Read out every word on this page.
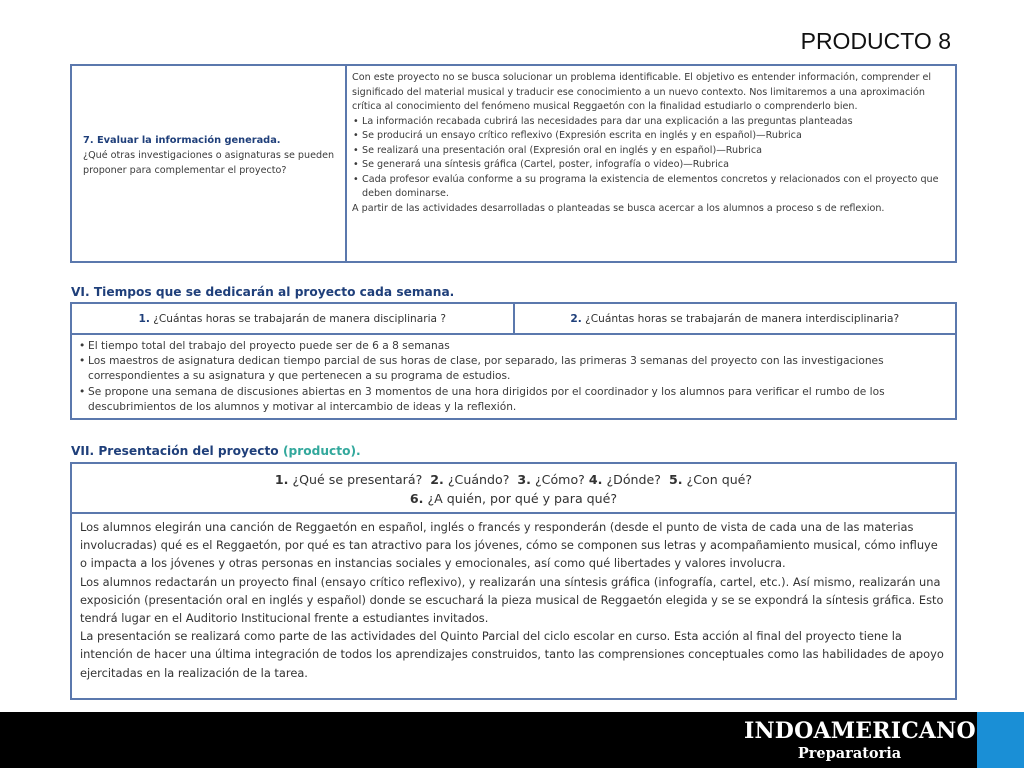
PRODUCTO 8
7. Evaluar la información generada.
¿Qué otras investigaciones o asignaturas se pueden proponer para complementar el proyecto?

Con este proyecto no se busca solucionar un problema identificable. El objetivo es entender información, comprender el significado del material musical y traducir ese conocimiento a un nuevo contexto. Nos limitaremos a una aproximación crítica al conocimiento del fenómeno musical Reggaetón con la finalidad estudiarlo o comprenderlo bien.

• La información recabada cubrirá las necesidades para dar una explicación a las preguntas planteadas
• Se producirá un ensayo crítico reflexivo (Expresión escrita en inglés y en español)—Rubrica
• Se realizará una presentación oral (Expresión oral en inglés y en español)—Rubrica
• Se generará una síntesis gráfica (Cartel, poster, infografía o video)—Rubrica
• Cada profesor evalúa conforme a su programa la existencia de elementos concretos y relacionados con el proyecto que deben dominarse.

A partir de las actividades desarrolladas o planteadas se busca acercar a los alumnos a proceso s de reflexion.

VI. Tiempos que se dedicarán al proyecto cada semana.
1.
¿Cuántas horas se trabajarán de manera disciplinaria ?	2.
¿Cuántas horas se trabajarán de manera interdisciplinaria?
• El tiempo total del trabajo del proyecto puede ser de 6 a 8 semanas
• Los maestros de asignatura dedican tiempo parcial de sus horas de clase, por separado, las primeras 3 semanas del proyecto con las investigaciones correspondientes a su asignatura y que pertenecen a su programa de estudios.
• Se propone una semana de discusiones abiertas en 3 momentos de una hora dirigidos por el coordinador y los alumnos para verificar el rumbo de los descubrimientos de los alumnos y motivar al intercambio de ideas y la reflexión.
VII. Presentación del proyecto (producto).
1. ¿Qué se presentará? 2. ¿Cuándo? 3. ¿Cómo? 4. ¿Dónde? 5. ¿Con qué?
6. ¿A quién, por qué y para qué?

Los alumnos elegirán una canción de Reggaetón en español, inglés o francés y responderán (desde el punto de vista de cada una de las materias involucradas) qué es el Reggaetón, por qué es tan atractivo para los jóvenes, cómo se componen sus letras y acompañamiento musical, cómo influye o impacta a los jóvenes y otras personas en instancias sociales y emocionales, así como qué libertades y valores involucra.

Los alumnos redactarán un proyecto final (ensayo crítico reflexivo), y realizarán una síntesis gráfica (infografía, cartel, etc.). Así mismo, realizarán una exposición (presentación oral en inglés y español) donde se escuchará la pieza musical de Reggaetón elegida y se se expondrá la síntesis gráfica. Esto tendrá lugar en el Auditorio Institucional frente a estudiantes invitados.

La presentación se realizará como parte de las actividades del Quinto Parcial del ciclo escolar en curso. Esta acción al final del proyecto tiene la intención de hacer una última integración de todos los aprendizajes construidos, tanto las comprensiones conceptuales como las habilidades de apoyo ejercitadas en la realización de la tarea.

INDOAMERICANO
Preparatoria
